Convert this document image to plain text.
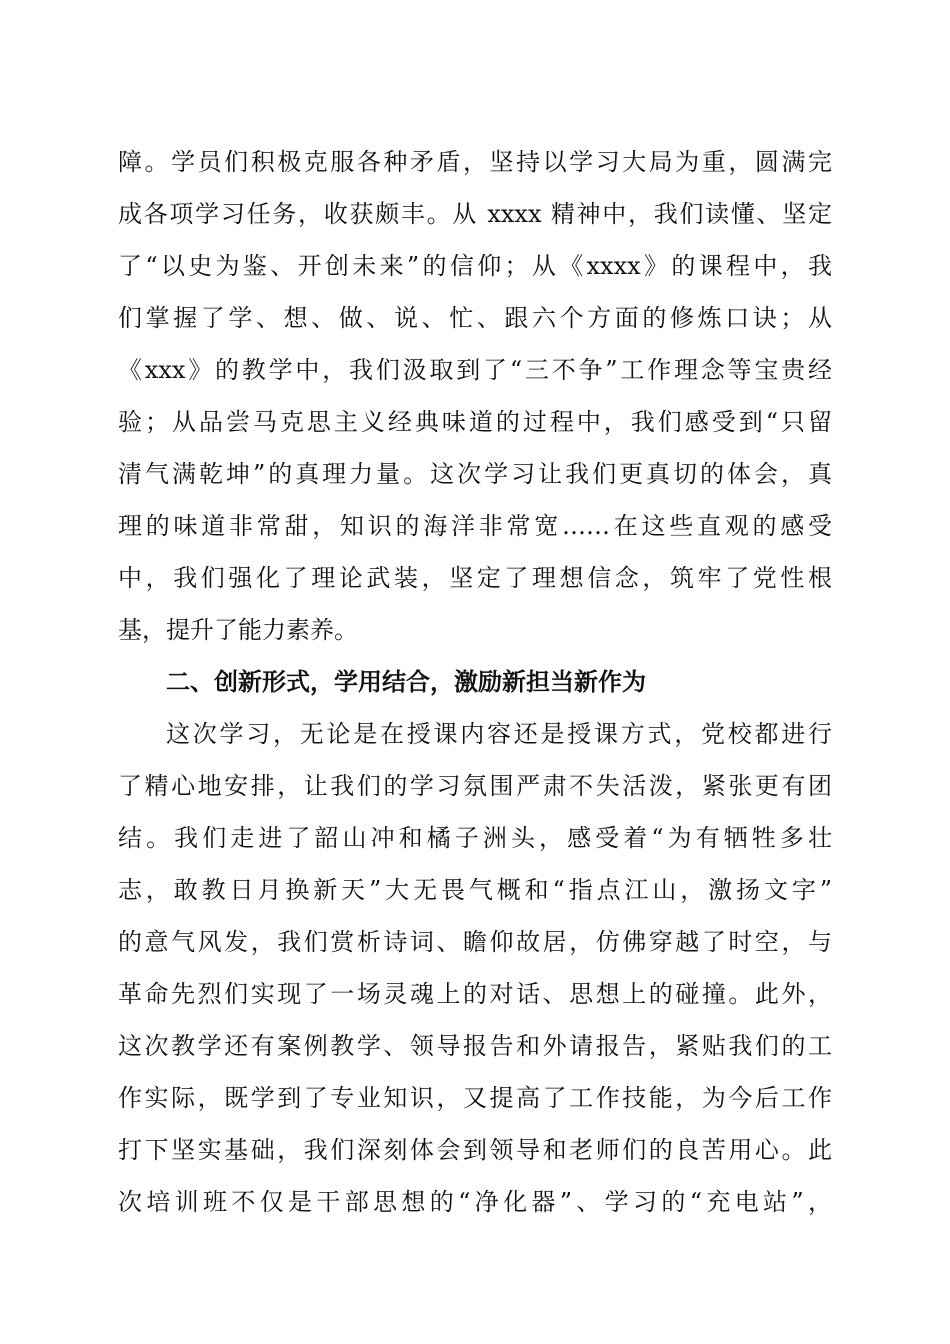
障。学员们积极克服各种矛盾，坚持以学习大局为重，圆满完
成各项学习任务，收获颇丰。从 xxxx 精神中，我们读懂、坚定
了“以史为鉴、开创未来”的信仰；从《xxxx》的课程中，我
们掌握了学、想、做、说、忙、跟六个方面的修炼口诀；从
《xxx》的教学中，我们汲取到了“三不争”工作理念等宝贵经
验；从品尝马克思主义经典味道的过程中，我们感受到“只留
清气满乾坤”的真理力量。这次学习让我们更真切的体会，真
理的味道非常甜，知识的海洋非常宽……在这些直观的感受
中，我们强化了理论武装，坚定了理想信念，筑牢了党性根
基，提升了能力素养。
二、创新形式，学用结合，激励新担当新作为
这次学习，无论是在授课内容还是授课方式，党校都进行
了精心地安排，让我们的学习氛围严肃不失活泼，紧张更有团
结。我们走进了韶山冲和橘子洲头，感受着“为有牺牲多壮
志，敢教日月换新天”大无畏气概和“指点江山，激扬文字”
的意气风发，我们赏析诗词、瞻仰故居，仿佛穿越了时空，与
革命先烈们实现了一场灵魂上的对话、思想上的碰撞。此外，
这次教学还有案例教学、领导报告和外请报告，紧贴我们的工
作实际，既学到了专业知识，又提高了工作技能，为今后工作
打下坚实基础，我们深刻体会到领导和老师们的良苦用心。此
次培训班不仅是干部思想的“净化器”、学习的“充电站”，
